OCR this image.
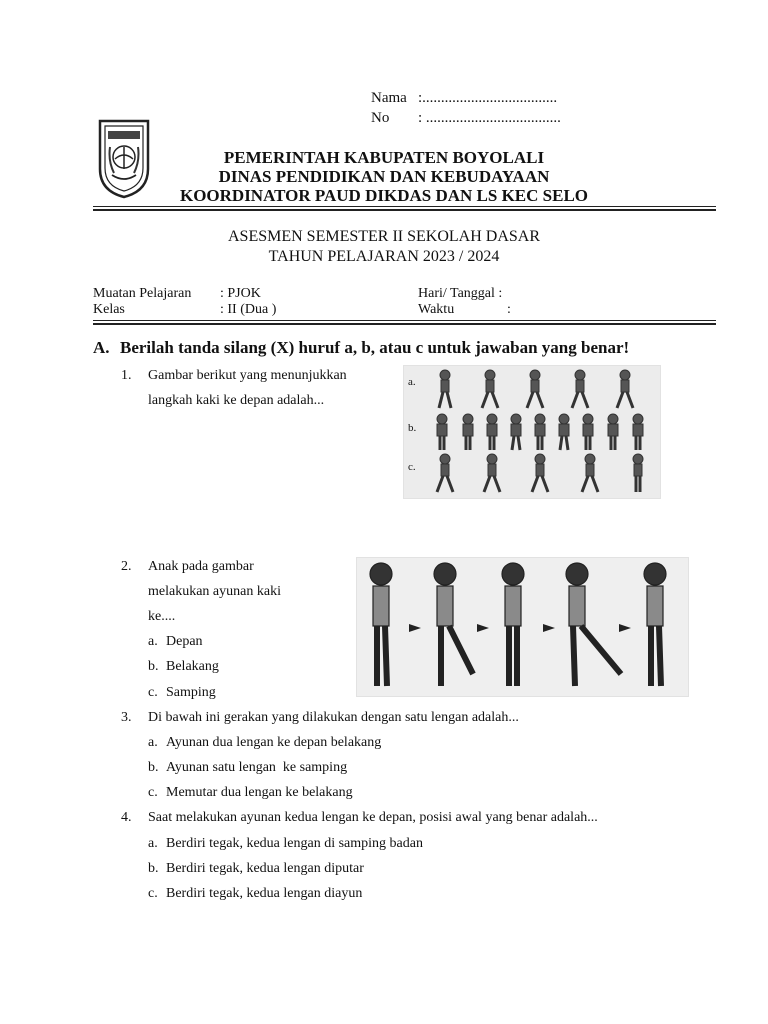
Nama :....................................
No : ....................................
PEMERINTAH KABUPATEN BOYOLALI
DINAS PENDIDIKAN DAN KEBUDAYAAN
KOORDINATOR PAUD DIKDAS DAN LS KEC SELO
ASESMEN SEMESTER II SEKOLAH DASAR
TAHUN PELAJARAN 2023 / 2024
Muatan Pelajaran : PJOK
Kelas	: II (Dua )
Hari/ Tanggal :
Waktu	:
A. Berilah tanda silang (X) huruf a, b, atau c untuk jawaban yang benar!
1. Gambar berikut yang menunjukkan
langkah kaki ke depan adalah...
a.
b.
c.
2. Anak pada gambar
melakukan ayunan kaki
ke....
a. Depan
b. Belakang
c. Samping
3. Di bawah ini gerakan yang dilakukan dengan satu lengan adalah...
a. Ayunan dua lengan ke depan belakang
b. Ayunan satu lengan  ke samping
c. Memutar dua lengan ke belakang
4. Saat melakukan ayunan kedua lengan ke depan, posisi awal yang benar adalah...
a. Berdiri tegak, kedua lengan di samping badan
b. Berdiri tegak, kedua lengan diputar
c. Berdiri tegak, kedua lengan diayun
